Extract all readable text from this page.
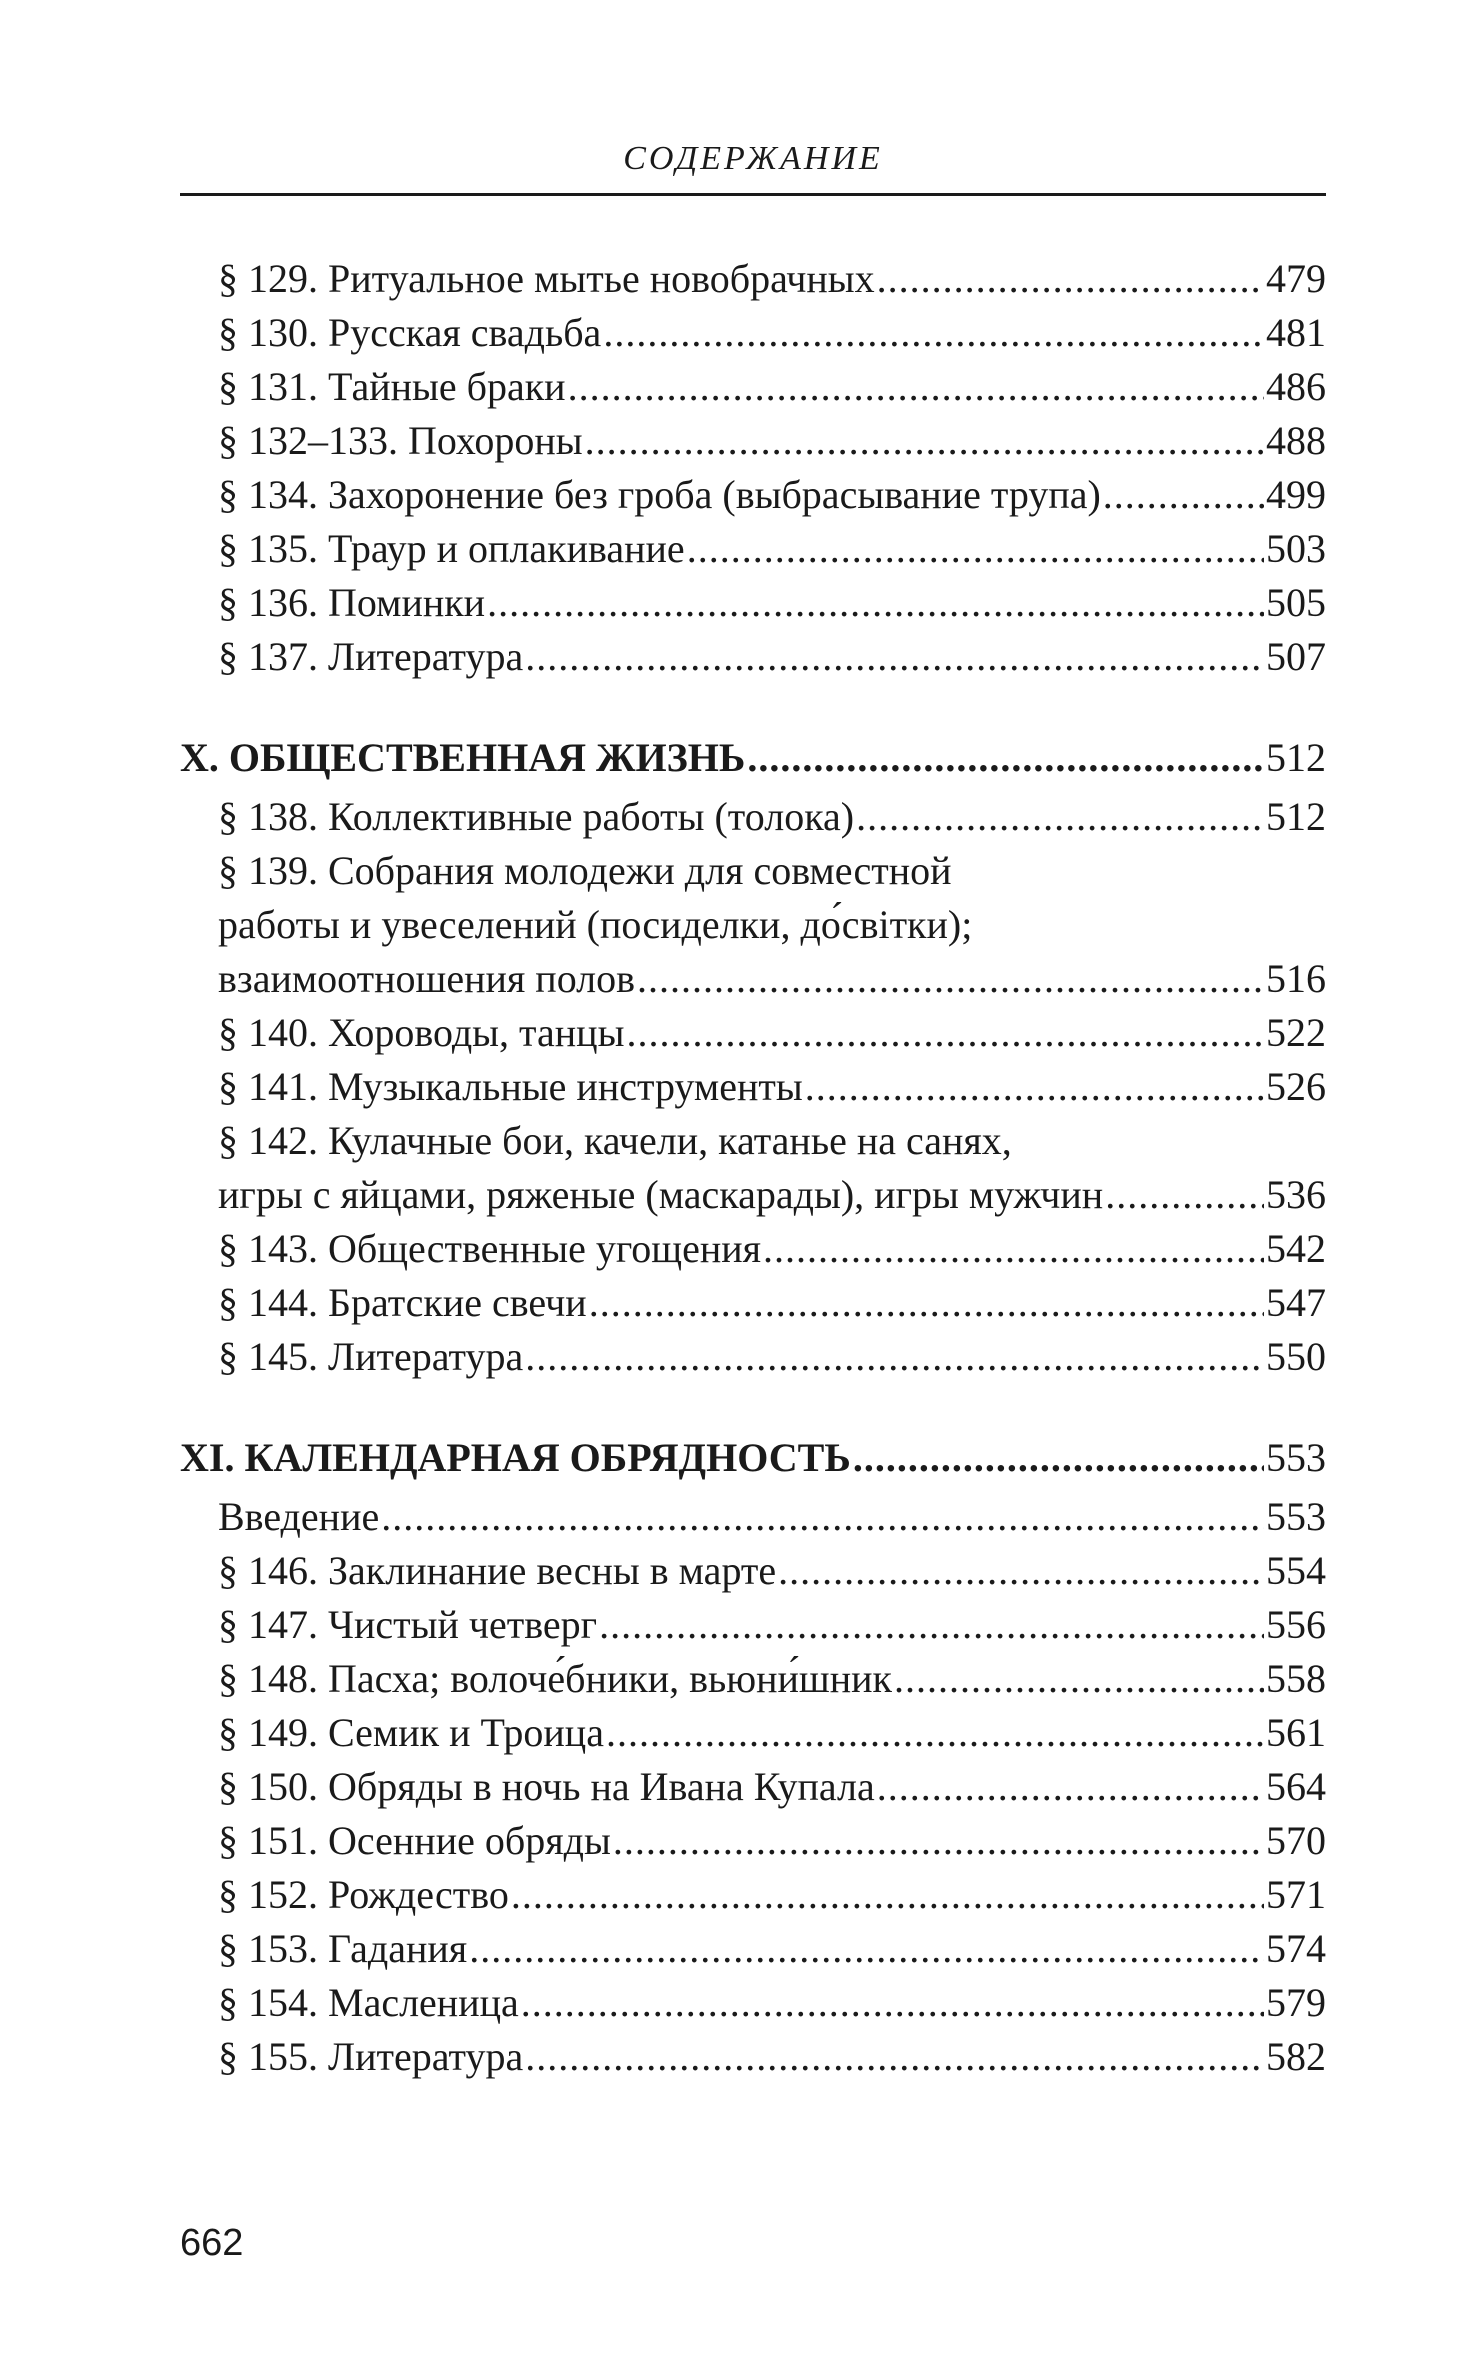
СОДЕРЖАНИЕ
§ 129. Ритуальное мытье новобрачных .....	479
§ 130. Русская свадьба .....	481
§ 131. Тайные браки .....	486
§ 132–133. Похороны .....	488
§ 134. Захоронение без гроба (выбрасывание трупа) .....	499
§ 135. Траур и оплакивание .....	503
§ 136. Поминки .....	505
§ 137. Литература .....	507
X. ОБЩЕСТВЕННАЯ ЖИЗНЬ .....	512
§ 138. Коллективные работы (толока) .....	512
§ 139. Собрания молодежи для совместной
работы и увеселений (посиделки, до́світки);
взаимоотношения полов .....	516
§ 140. Хороводы, танцы .....	522
§ 141. Музыкальные инструменты .....	526
§ 142. Кулачные бои, качели, катанье на санях,
игры с яйцами, ряженые (маскарады), игры мужчин .....	536
§ 143. Общественные угощения .....	542
§ 144. Братские свечи .....	547
§ 145. Литература .....	550
XI. КАЛЕНДАРНАЯ ОБРЯДНОСТЬ .....	553
Введение .....	553
§ 146. Заклинание весны в марте .....	554
§ 147. Чистый четверг .....	556
§ 148. Пасха; волоче́бники, вьюни́шник .....	558
§ 149. Семик и Троица .....	561
§ 150. Обряды в ночь на Ивана Купала .....	564
§ 151. Осенние обряды .....	570
§ 152. Рождество .....	571
§ 153. Гадания .....	574
§ 154. Масленица .....	579
§ 155. Литература .....	582
662
